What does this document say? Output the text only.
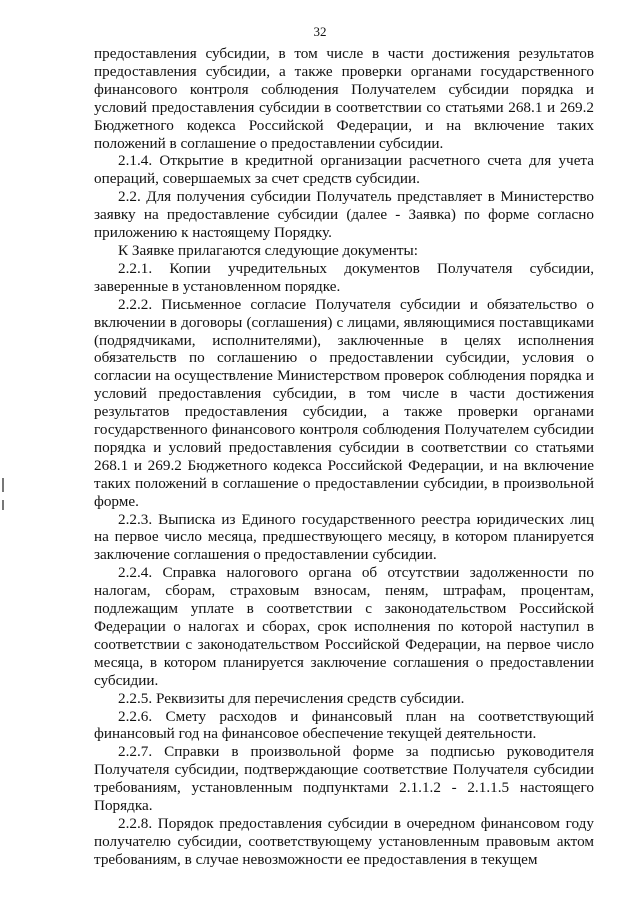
32

предоставления субсидии, в том числе в части достижения результатов предоставления субсидии, а также проверки органами государственного финансового контроля соблюдения Получателем субсидии порядка и условий предоставления субсидии в соответствии со статьями 268.1 и 269.2 Бюджетного кодекса Российской Федерации, и на включение таких положений в соглашение о предоставлении субсидии.

2.1.4. Открытие в кредитной организации расчетного счета для учета операций, совершаемых за счет средств субсидии.

2.2. Для получения субсидии Получатель представляет в Министерство заявку на предоставление субсидии (далее - Заявка) по форме согласно приложению к настоящему Порядку.

К Заявке прилагаются следующие документы:

2.2.1. Копии учредительных документов Получателя субсидии, заверенные в установленном порядке.

2.2.2. Письменное согласие Получателя субсидии и обязательство о включении в договоры (соглашения) с лицами, являющимися поставщиками (подрядчиками, исполнителями), заключенные в целях исполнения обязательств по соглашению о предоставлении субсидии, условия о согласии на осуществление Министерством проверок соблюдения порядка и условий предоставления субсидии, в том числе в части достижения результатов предоставления субсидии, а также проверки органами государственного финансового контроля соблюдения Получателем субсидии порядка и условий предоставления субсидии в соответствии со статьями 268.1 и 269.2 Бюджетного кодекса Российской Федерации, и на включение таких положений в соглашение о предоставлении субсидии, в произвольной форме.

2.2.3. Выписка из Единого государственного реестра юридических лиц на первое число месяца, предшествующего месяцу, в котором планируется заключение соглашения о предоставлении субсидии.

2.2.4. Справка налогового органа об отсутствии задолженности по налогам, сборам, страховым взносам, пеням, штрафам, процентам, подлежащим уплате в соответствии с законодательством Российской Федерации о налогах и сборах, срок исполнения по которой наступил в соответствии с законодательством Российской Федерации, на первое число месяца, в котором планируется заключение соглашения о предоставлении субсидии.

2.2.5. Реквизиты для перечисления средств субсидии.

2.2.6. Смету расходов и финансовый план на соответствующий финансовый год на финансовое обеспечение текущей деятельности.

2.2.7. Справки в произвольной форме за подписью руководителя Получателя субсидии, подтверждающие соответствие Получателя субсидии требованиям, установленным подпунктами 2.1.1.2 - 2.1.1.5 настоящего Порядка.

2.2.8. Порядок предоставления субсидии в очередном финансовом году получателю субсидии, соответствующему установленным правовым актом требованиям, в случае невозможности ее предоставления в текущем
